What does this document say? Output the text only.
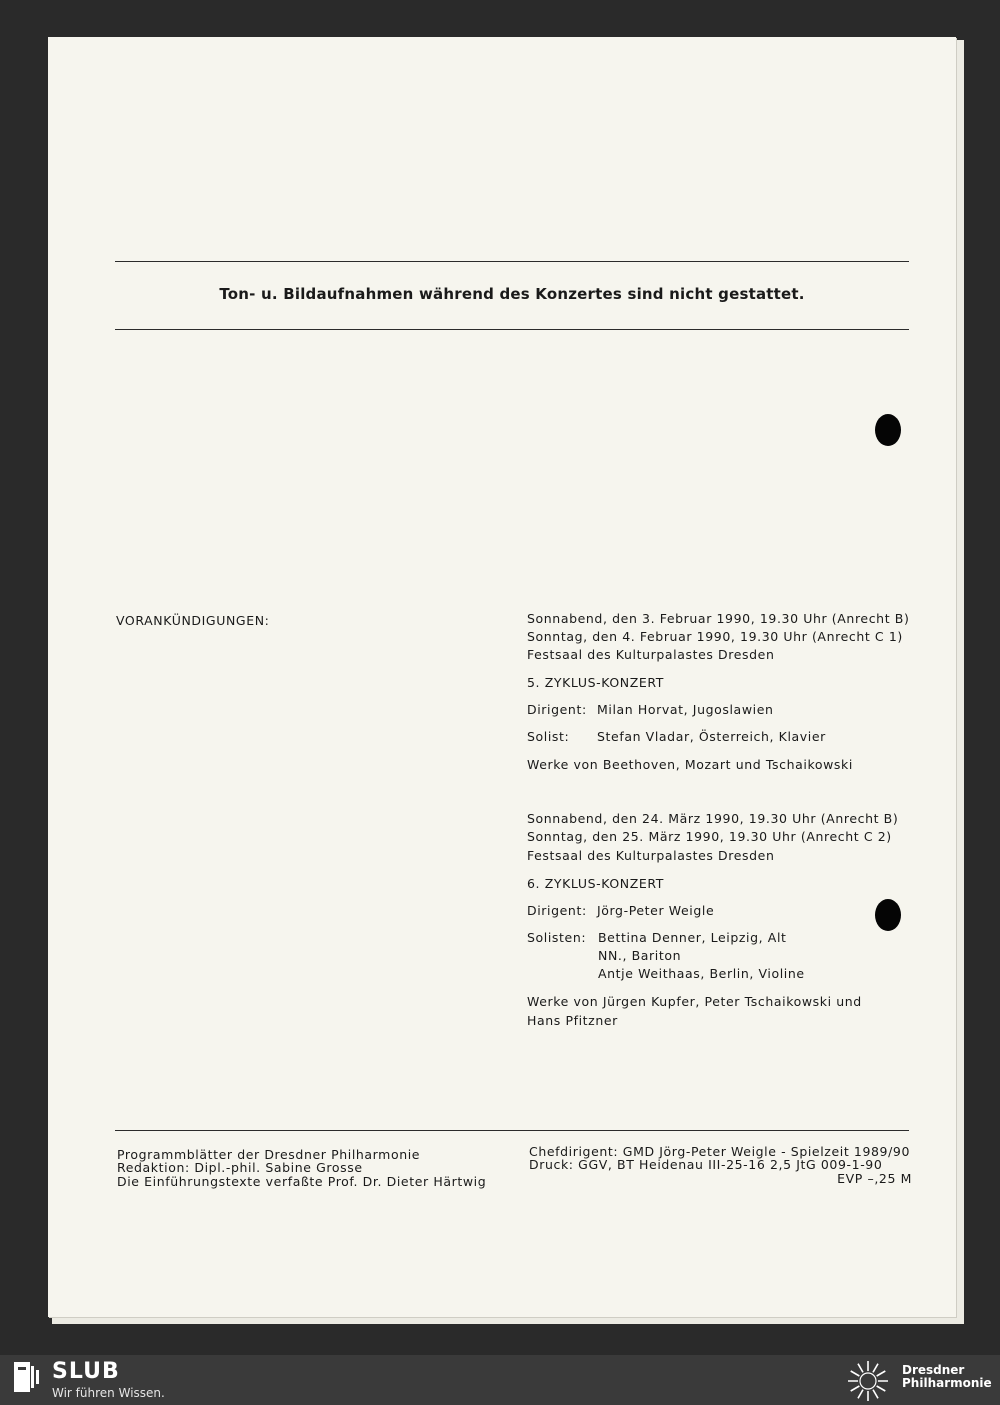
Ton- u. Bildaufnahmen während des Konzertes sind nicht gestattet.
VORANKÜNDIGUNGEN:	Sonnabend, den 3. Februar 1990, 19.30 Uhr (Anrecht B)
Sonntag, den 4. Februar 1990, 19.30 Uhr (Anrecht C 1)
Festsaal des Kulturpalastes Dresden
5. ZYKLUS-KONZERT
Dirigent: Milan Horvat, Jugoslawien
Solist: Stefan Vladar, Österreich, Klavier
Werke von Beethoven, Mozart und Tschaikowski
Sonnabend, den 24. März 1990, 19.30 Uhr (Anrecht B)
Sonntag, den 25. März 1990, 19.30 Uhr (Anrecht C 2)
Festsaal des Kulturpalastes Dresden
6. ZYKLUS-KONZERT
Dirigent: Jörg-Peter Weigle
Solisten: Bettina Denner, Leipzig, Alt
NN., Bariton
Antje Weithaas, Berlin, Violine
Werke von Jürgen Kupfer, Peter Tschaikowski und
Hans Pfitzner
Programmblätter der Dresdner Philharmonie
Redaktion: Dipl.-phil. Sabine Grosse
Die Einführungstexte verfaßte Prof. Dr. Dieter Härtwig
Chefdirigent: GMD Jörg-Peter Weigle - Spielzeit 1989/90
Druck: GGV, BT Heidenau III-25-16 2,5 JtG 009-1-90
EVP –,25 M
SLUB
Wir führen Wissen.
Dresdner
Philharmonie
